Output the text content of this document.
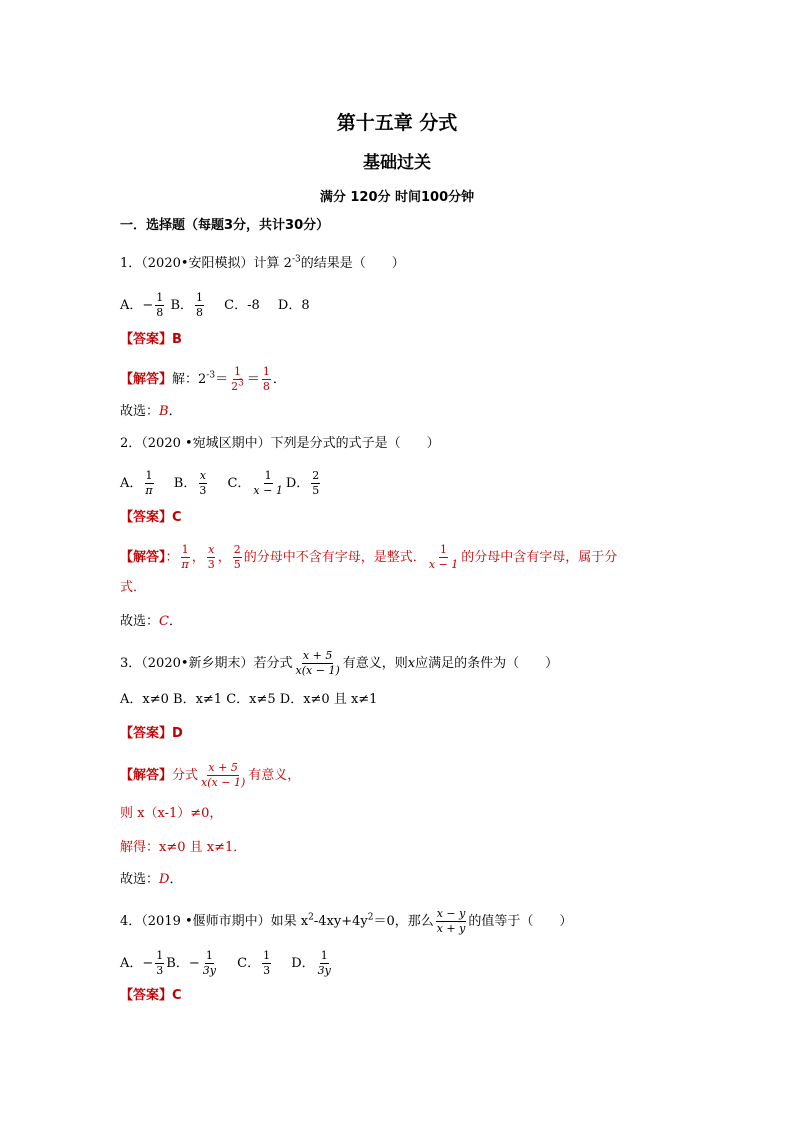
第十五章 分式
基础过关
满分 120分 时间100分钟
一．选择题（每题3分，共计30分）
1．（2020•安阳模拟）计算 $2^{-3}$的结果是（　　）
A．− $\frac{1}{8}$ B． $\frac{1}{8}$ C．-8 D．8
【答案】B
【解答】解：$2^{-3}= \frac{1}{2^3} = \frac{1}{8}$ ．
故选：B．
2．（2020 •宛城区期中）下列是分式的式子是（　　）
A． $\frac{1}{\pi}$ B． $\frac{x}{3}$ C． $\frac{1}{x - 1}$ D． $\frac{2}{5}$
【答案】C
【解答】： $\frac{1}{\pi}$ ， $\frac{x}{3}$ ， $\frac{2}{5}$ 的分母中不含有字母，是整式． $\frac{1}{x - 1}$ 的分母中含有字母，属于分
式．
故选：C．
3．（2020•新乡期末）若分式 $\frac{x + 5}{x(x - 1)}$ 有意义，则x应满足的条件为（　　）
A．x≠0 B．x≠1 C．x≠5 D．x≠0 且 x≠1
【答案】D
【解答】分式 $\frac{x + 5}{x(x - 1)}$ 有意义，
则 x（x-1）≠0，
解得：x≠0 且 x≠1．
故选：D．
4．（2019 •偃师市期中）如果 $x^2-4xy+4y^2=0$，那么 $\frac{x - y}{x + y}$ 的值等于（　　）
A．− $\frac{1}{3}$ B．− $\frac{1}{3y}$ C． $\frac{1}{3}$ D． $\frac{1}{3y}$
【答案】C
